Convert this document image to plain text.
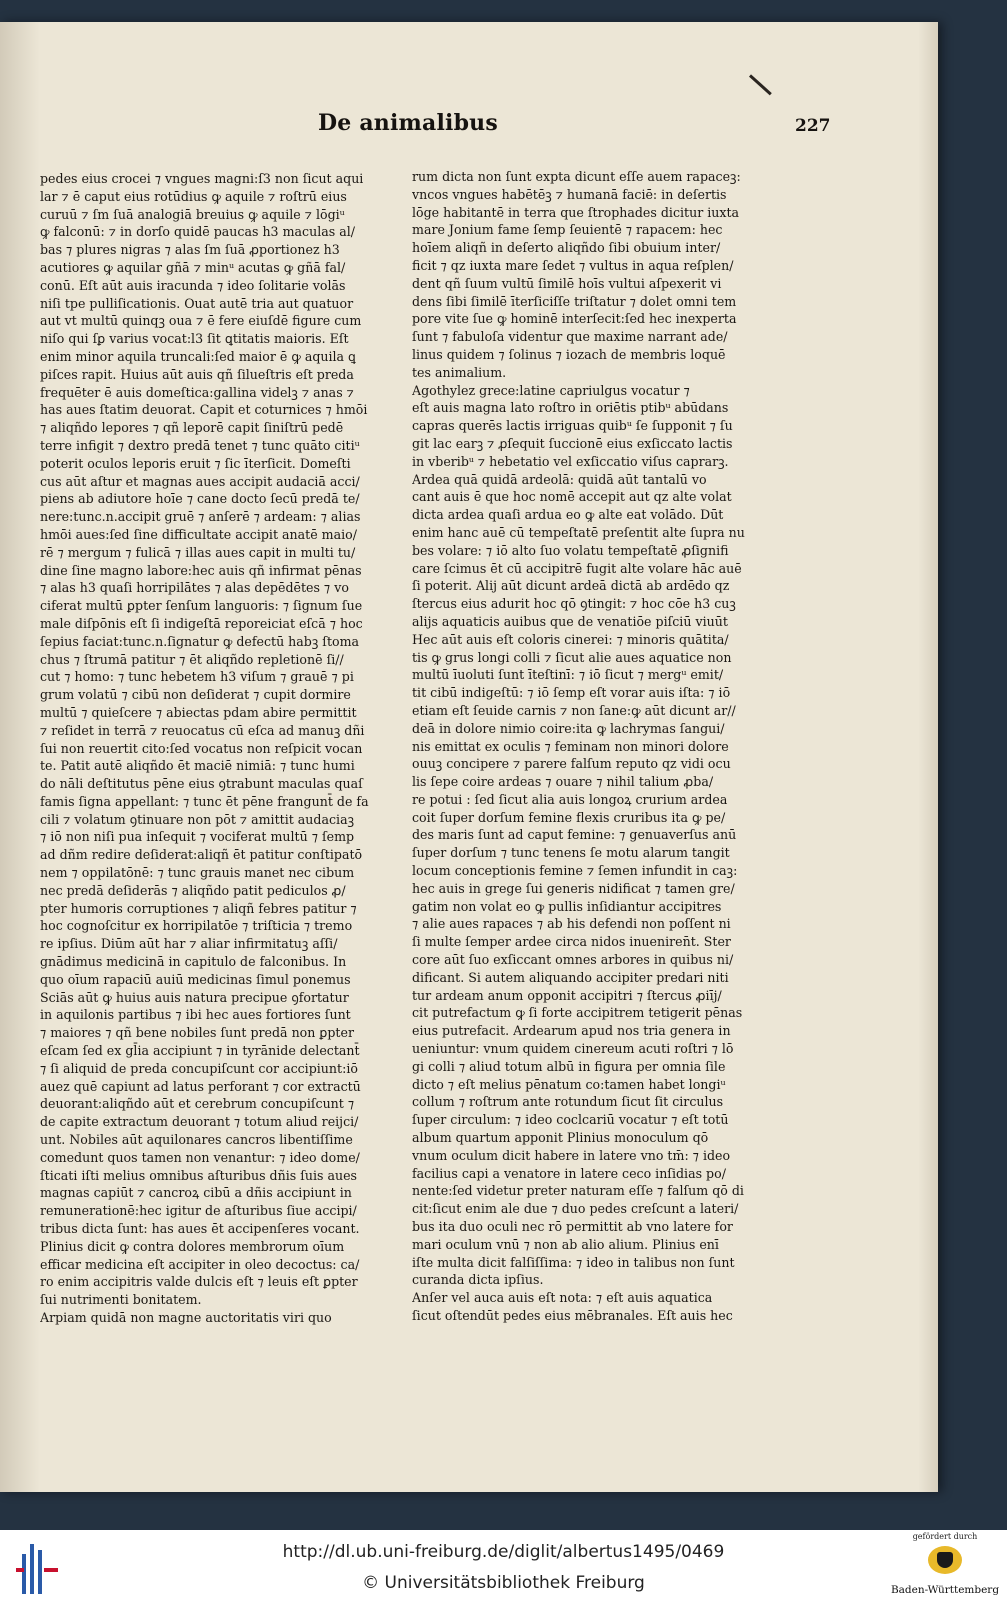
De animalibus	227
pedes eius crocei ⁊ vngues magni:ſ3 non ſicut aqui
lar ⁊ ē caput eius rotūdius ꝙ aquile ⁊ roſtrū eius
curuū ⁊ ſm ſuā analogiā breuius ꝙ aquile ⁊ lōgiᵘ
ꝙ falconū: ⁊ in dorſo quidē paucas h3 maculas al/
bas ⁊ plures nigras ⁊ alas ſm ſuā ꝓportionez h3
acutiores ꝙ aquilar gñā ⁊ minᵘ acutas ꝙ gñā fal/
conū. Eſt aūt auis iracunda ⁊ ideo ſolitarie volās
niſi tpe pulliſicationis. Ouat autē tria aut quatuor
aut vt multū quinqꝫ oua ⁊ ē fere eiuſdē figure cum
niſo qui ſꝑ varius vocat:l3 ſit ꝗtitatis maioris. Eſt
enim minor aquila truncali:ſed maior ē ꝙ aquila ꝗ
piſces rapit. Huius aūt auis qñ ſilueſtris eſt preda
frequēter ē auis domeſtica:gallina videlꝫ ⁊ anas ⁊
has aues ſtatim deuorat. Capit et coturnices ⁊ hmōi
⁊ aliqñdo lepores ⁊ qñ leporē capit ſiniſtrū pedē
terre infigit ⁊ dextro predā tenet ⁊ tunc quāto citiᵘ
poterit oculos leporis eruit ⁊ ſic īterſicit. Domeſti
cus aūt aſtur et magnas aues accipit audaciā acci/
piens ab adiutore hoīe ⁊ cane docto ſecū predā te/
nere:tunc.n.accipit gruē ⁊ anſerē ⁊ ardeam: ⁊ alias
hmōi aues:ſed ſine difficultate accipit anatē maio/
rē ⁊ mergum ⁊ fulicā ⁊ illas aues capit in multi tu/
dine ſine magno labore:hec auis qñ infirmat pēnas
⁊ alas h3 quaſi horripilātes ⁊ alas depēdētes ⁊ vo
ciferat multū ꝑpter ſenſum languoris: ⁊ ſignum ſue
male diſpōnis eſt ſi indigeſtā reporeiciat eſcā ⁊ hoc
ſepius faciat:tunc.n.ſignatur ꝙ defectū habꝫ ſtoma
chus ⁊ ſtrumā patitur ⁊ ēt aliqñdo repletionē ſi//
cut ⁊ homo: ⁊ tunc hebetem h3 viſum ⁊ grauē ⁊ pi
grum volatū ⁊ cibū non deſiderat ⁊ cupit dormire
multū ⁊ quieſcere ⁊ abiectas pdam abire permittit
⁊ reſidet in terrā ⁊ reuocatus cū eſca ad manuꝫ dñi
ſui non reuertit cito:ſed vocatus non reſpicit vocan
te. Patit autē aliqñdo ēt maciē nimiā: ⁊ tunc humi
do nāli deſtitutus pēne eius ꝯtrabunt maculas quaſ
famis ſigna appellant: ⁊ tunc ēt pēne frangunt̄ de fa
cili ⁊ volatum ꝯtinuare non pōt ⁊ amittit audaciaꝫ
⁊ iō non niſi pua inſequit ⁊ vociferat multū ⁊ ſemp
ad dñm redire deſiderat:aliqñ ēt patitur conſtipatō
nem ⁊ oppilatōnē: ⁊ tunc grauis manet nec cibum
nec predā deſiderās ⁊ aliqñdo patit pediculos ꝓ/
pter humoris corruptiones ⁊ aliqñ febres patitur ⁊
hoc cognoſcitur ex horripilatōe ⁊ triſticia ⁊ tremo
re ipſius. Diūm aūt har ⁊ aliar infirmitatuꝫ aſſi/
gnādimus medicinā in capitulo de falconibus. In
quo oīum rapaciū auiū medicinas ſimul ponemus
Sciās aūt ꝙ huius auis natura precipue ꝯfortatur
in aquilonis partibus ⁊ ibi hec aues fortiores ſunt
⁊ maiores ⁊ qñ bene nobiles ſunt predā non ꝑpter
eſcam ſed ex gl̄ia accipiunt ⁊ in tyrānide delectant̄
⁊ ſi aliquid de preda concupiſcunt cor accipiunt:iō
auez quē capiunt ad latus perforant ⁊ cor extractū
deuorant:aliqñdo aūt et cerebrum concupiſcunt ⁊
de capite extractum deuorant ⁊ totum aliud reijci/
unt. Nobiles aūt aquilonares cancros libentiſſime
comedunt quos tamen non venantur: ⁊ ideo dome/
ſticati iſti melius omnibus aſturibus dñis ſuis aues
magnas capiūt ⁊ cancroꝝ cibū a dñis accipiunt in
remunerationē:hec igitur de aſturibus ſiue accipi/
tribus dicta ſunt: has aues ēt accipenſeres vocant.
Plinius dicit ꝙ contra dolores membrorum oīum
efficar medicina eſt accipiter in oleo decoctus: ca/
ro enim accipitris valde dulcis eſt ⁊ leuis eſt ꝑpter
ſui nutrimenti bonitatem.
Arpiam quidā non magne auctoritatis viri quo
rum dicta non ſunt expta dicunt eſſe auem rapaceꝫ:
vncos vngues habētēꝫ ⁊ humanā faciē: in deſertis
lōge habitantē in terra que ſtrophades dicitur iuxta
mare Jonium fame ſemp ſeuientē ⁊ rapacem: hec
hoīem aliqñ in deſerto aliqñdo ſibi obuium inter/
ficit ⁊ qz iuxta mare ſedet ⁊ vultus in aqua reſplen/
dent qñ ſuum vultū ſimilē hoīs vultui aſpexerit vi
dens ſibi ſimilē īterſiciſſe triſtatur ⁊ dolet omni tem
pore vite ſue ꝙ hominē interſecit:ſed hec inexperta
ſunt ⁊ fabuloſa videntur que maxime narrant ade/
linus quidem ⁊ ſolinus ⁊ iozach de membris loquē
tes animalium.
Agothylez grece:latine capriulgus vocatur ⁊
eſt auis magna lato roſtro in oriētis ptibᵘ abūdans
capras querēs lactis irriguas quibᵘ ſe ſupponit ⁊ ſu
git lac earꝫ ⁊ ꝓſequit ſuccionē eius exſiccato lactis
in vberibᵘ ⁊ hebetatio vel exſiccatio viſus caprarꝫ.
Ardea quā quidā ardeolā: quidā aūt tantalū vo
cant auis ē que hoc nomē accepit aut qz alte volat
dicta ardea quaſi ardua eo ꝙ alte eat volādo. Dūt
enim hanc auē cū tempeſtatē preſentit alte ſupra nu
bes volare: ⁊ iō alto ſuo volatu tempeſtatē ꝓſignifi
care ſcimus ēt cū accipitrē fugit alte volare hāc auē
ſi poterit. Alij aūt dicunt ardeā dictā ab ardēdo qz
ſtercus eius adurit hoc qō ꝯtingit: ⁊ hoc cōe h3 cuꝫ
alijs aquaticis auibus que de venatiōe piſciū viuūt
Hec aūt auis eſt coloris cinerei: ⁊ minoris quātita/
tis ꝙ grus longi colli ⁊ ſicut alie aues aquatice non
multū īuoluti ſunt īteſtinī: ⁊ iō ſicut ⁊ mergᵘ emit/
tit cibū indigeſtū: ⁊ iō ſemp eſt vorar auis iſta: ⁊ iō
etiam eſt ſeuide carnis ⁊ non ſane:ꝙ aūt dicunt ar//
deā in dolore nimio coire:ita ꝙ lachrymas ſangui/
nis emittat ex oculis ⁊ feminam non minori dolore
ouuꝫ concipere ⁊ parere falſum reputo qz vidi ocu
lis ſepe coire ardeas ⁊ ouare ⁊ nihil talium ꝓba/
re potui : ſed ſicut alia auis longoꝝ crurium ardea
coit ſuper dorſum femine flexis cruribus ita ꝙ pe/
des maris ſunt ad caput femine: ⁊ genuaverſus anū
ſuper dorſum ⁊ tunc tenens ſe motu alarum tangit
locum conceptionis femine ⁊ ſemen infundit in caꝫ:
hec auis in grege ſui generis nidificat ⁊ tamen gre/
gatim non volat eo ꝙ pullis inſidiantur accipitres
⁊ alie aues rapaces ⁊ ab his defendi non poſſent ni
ſi multe ſemper ardee circa nidos inueniren̄t. Ster
core aūt ſuo exſiccant omnes arbores in quibus ni/
dificant. Si autem aliquando accipiter predari niti
tur ardeam anum opponit accipitri ⁊ ſtercus ꝓiīj/
cit putrefactum ꝙ ſi forte accipitrem tetigerit pēnas
eius putrefacit. Ardearum apud nos tria genera in
ueniuntur: vnum quidem cinereum acuti roſtri ⁊ lō
gi colli ⁊ aliud totum albū in figura per omnia ſile
dicto ⁊ eſt melius pēnatum co:tamen habet longiᵘ
collum ⁊ roſtrum ante rotundum ſicut ſit circulus
ſuper circulum: ⁊ ideo coclcariū vocatur ⁊ eſt totū
album quartum apponit Plinius monoculum qō
vnum oculum dicit habere in latere vno tm̄: ⁊ ideo
facilius capi a venatore in latere ceco inſidias po/
nente:ſed videtur preter naturam eſſe ⁊ falſum qō di
cit:ſicut enim ale due ⁊ duo pedes creſcunt a lateri/
bus ita duo oculi nec rō permittit ab vno latere for
mari oculum vnū ⁊ non ab alio alium. Plinius enī
iſte multa dicit falſiſſima: ⁊ ideo in talibus non ſunt
curanda dicta ipſius.
Anſer vel auca auis eſt nota: ⁊ eſt auis aquatica
ſicut oſtendūt pedes eius mēbranales. Eſt auis hec
http://dl.ub.uni-freiburg.de/diglit/albertus1495/0469
© Universitätsbibliothek Freiburg
gefördert durch
Baden-Württemberg
